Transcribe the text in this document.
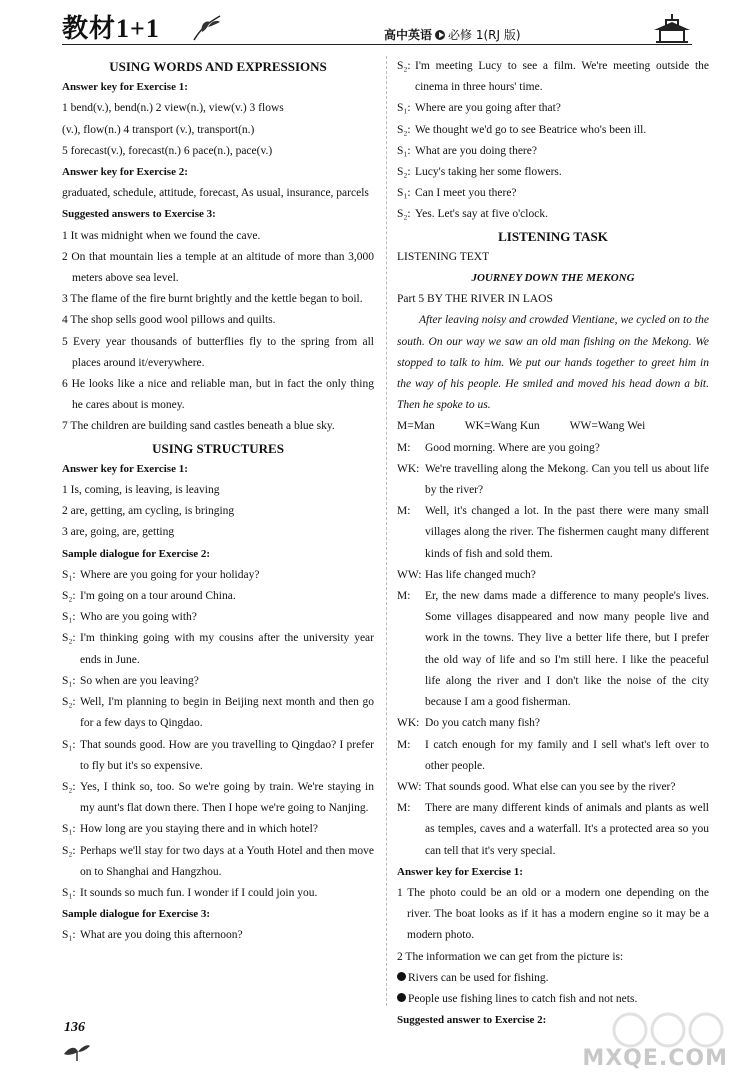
教材1+1	高中英语 必修 1(RJ 版)

USING WORDS AND EXPRESSIONS

Answer key for Exercise 1:

1 bend(v.), bend(n.) 2 view(n.), view(v.) 3 flows

(v.), flow(n.) 4 transport (v.), transport(n.)

5 forecast(v.), forecast(n.) 6 pace(n.), pace(v.)

Answer key for Exercise 2:

graduated, schedule, attitude, forecast, As usual, insurance, parcels

Suggested answers to Exercise 3:

1 It was midnight when we found the cave.

2 On that mountain lies a temple at an altitude of more than 3,000 meters above sea level.

3 The flame of the fire burnt brightly and the kettle began to boil.

4 The shop sells good wool pillows and quilts.

5 Every year thousands of butterflies fly to the spring from all places around it/everywhere.

6 He looks like a nice and reliable man, but in fact the only thing he cares about is money.

7 The children are building sand castles beneath a blue sky.

USING STRUCTURES

Answer key for Exercise 1:

1 Is, coming, is leaving, is leaving

2 are, getting, am cycling, is bringing

3 are, going, are, getting

Sample dialogue for Exercise 2:

S₁: Where are you going for your holiday?
S₂: I'm going on a tour around China.
S₁: Who are you going with?
S₂: I'm thinking going with my cousins after the university year ends in June.
S₁: So when are you leaving?
S₂: Well, I'm planning to begin in Beijing next month and then go for a few days to Qingdao.
S₁: That sounds good. How are you travelling to Qingdao? I prefer to fly but it's so expensive.
S₂: Yes, I think so, too. So we're going by train. We're staying in my aunt's flat down there. Then I hope we're going to Nanjing.
S₁: How long are you staying there and in which hotel?
S₂: Perhaps we'll stay for two days at a Youth Hotel and then move on to Shanghai and Hangzhou.
S₁: It sounds so much fun. I wonder if I could join you.

Sample dialogue for Exercise 3:

S₁: What are you doing this afternoon?
S₂: I'm meeting Lucy to see a film. We're meeting outside the cinema in three hours' time.
S₁: Where are you going after that?
S₂: We thought we'd go to see Beatrice who's been ill.
S₁: What are you doing there?
S₂: Lucy's taking her some flowers.
S₁: Can I meet you there?
S₂: Yes. Let's say at five o'clock.

LISTENING TASK

LISTENING TEXT

JOURNEY DOWN THE MEKONG

Part 5 BY THE RIVER IN LAOS

After leaving noisy and crowded Vientiane, we cycled on to the south. On our way we saw an old man fishing on the Mekong. We stopped to talk to him. We put our hands together to greet him in the way of his people. He smiled and moved his head down a bit. Then he spoke to us.

M=Man	WK=Wang Kun	WW=Wang Wei

M:	Good morning. Where are you going?
WK: We're travelling along the Mekong. Can you tell us about life by the river?
M:	Well, it's changed a lot. In the past there were many small villages along the river. The fishermen caught many different kinds of fish and sold them.
WW: Has life changed much?
M:	Er, the new dams made a difference to many people's lives. Some villages disappeared and now many people live and work in the towns. They live a better life there, but I prefer the old way of life and so I'm still here. I like the peaceful life along the river and I don't like the noise of the city because I am a good fisherman.
WK: Do you catch many fish?
M:	I catch enough for my family and I sell what's left over to other people.
WW: That sounds good. What else can you see by the river?
M:	There are many different kinds of animals and plants as well as temples, caves and a waterfall. It's a protected area so you can tell that it's very special.

Answer key for Exercise 1:

1 The photo could be an old or a modern one depending on the river. The boat looks as if it has a modern engine so it may be a modern photo.

2 The information we can get from the picture is:

Rivers can be used for fishing.

People use fishing lines to catch fish and not nets.

Suggested answer to Exercise 2:

136
MXQE.COM
